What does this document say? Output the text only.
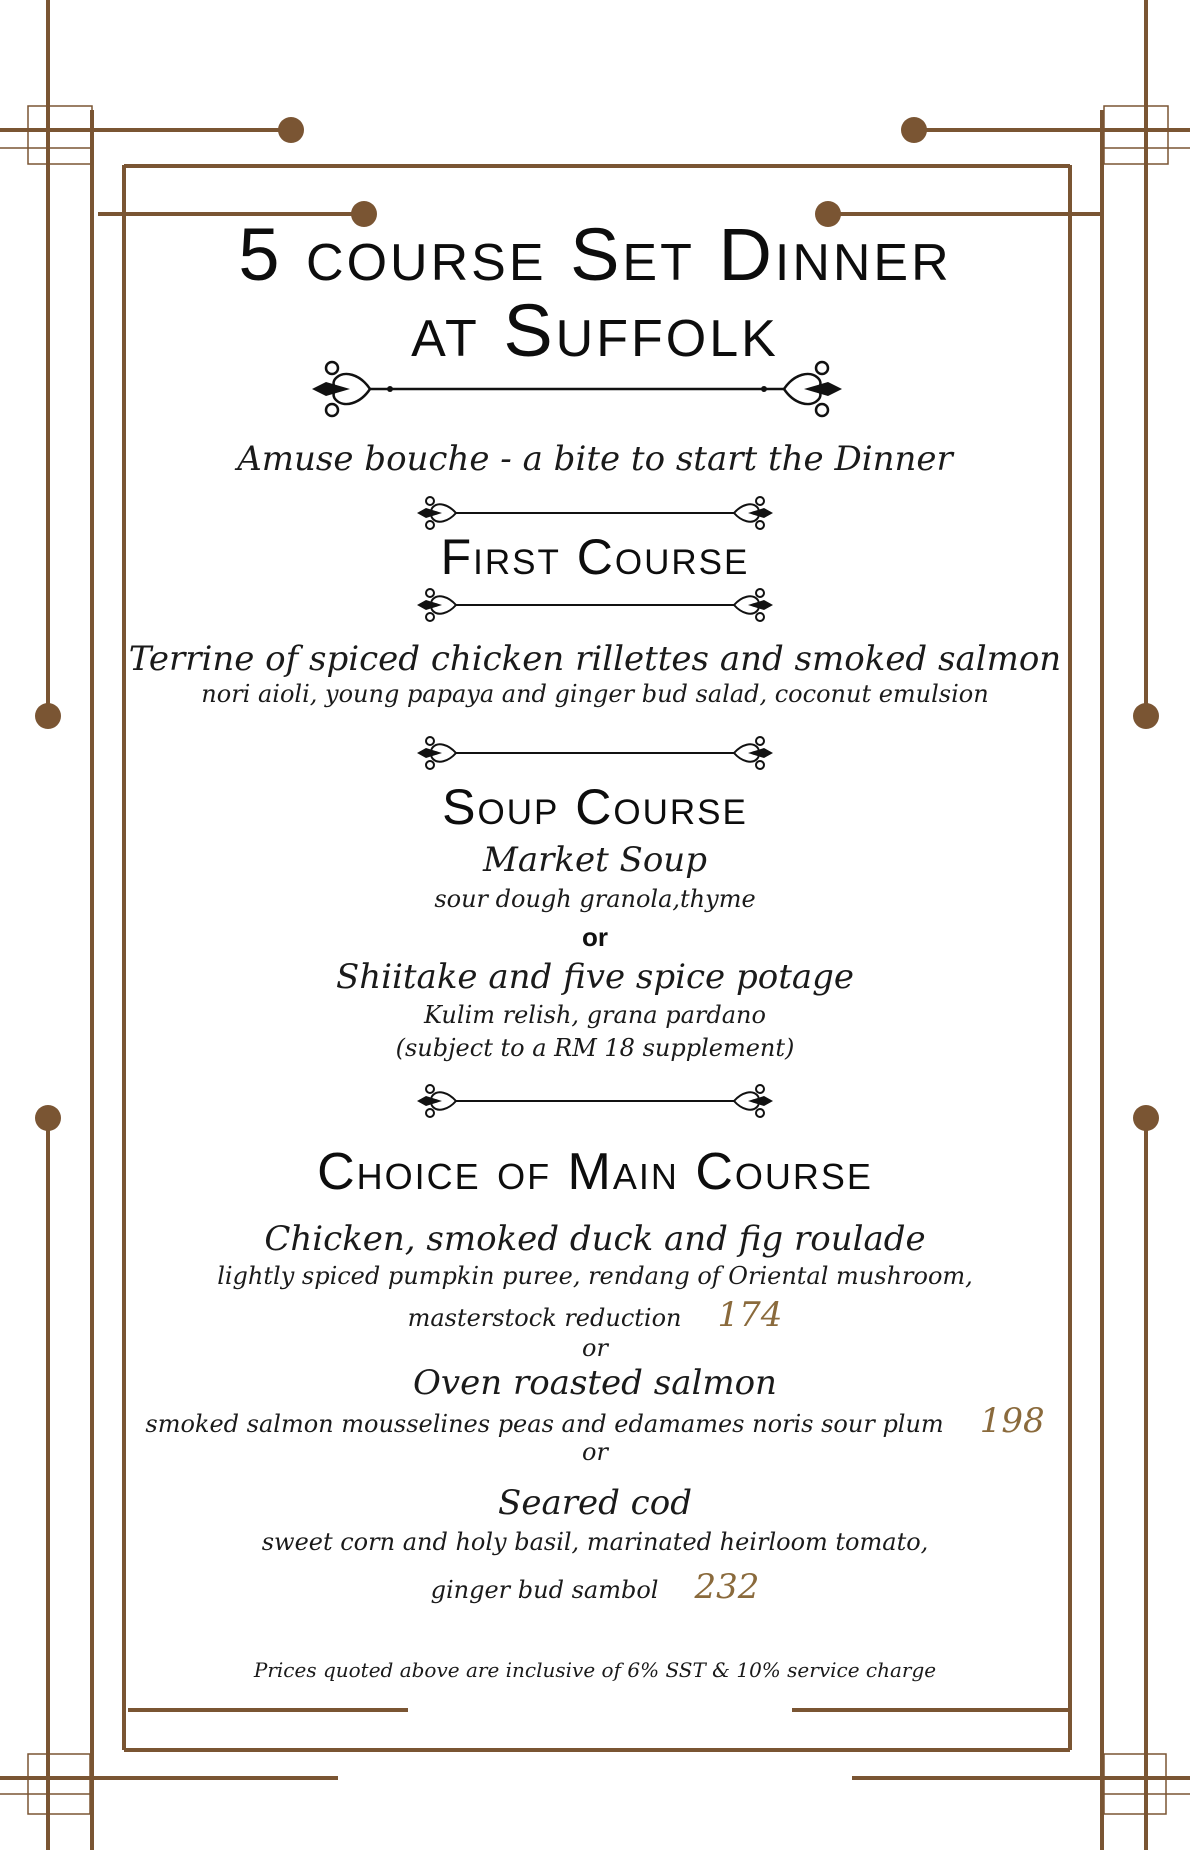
5 course Set Dinner
at Suffolk
Amuse bouche - a bite to start the Dinner
First Course
Terrine of spiced chicken rillettes and smoked salmon
nori aioli, young papaya and ginger bud salad, coconut emulsion
Soup Course
Market Soup
sour dough granola,thyme
or
Shiitake and five spice potage
Kulim relish, grana pardano
(subject to a RM 18 supplement)
Choice of Main Course
Chicken, smoked duck and fig roulade
lightly spiced pumpkin puree, rendang of Oriental mushroom,
masterstock reduction 174
or
Oven roasted salmon
smoked salmon mousselines peas and edamames noris sour plum 198
or
Seared cod
sweet corn and holy basil, marinated heirloom tomato,
ginger bud sambol 232
Prices quoted above are inclusive of 6% SST & 10% service charge
